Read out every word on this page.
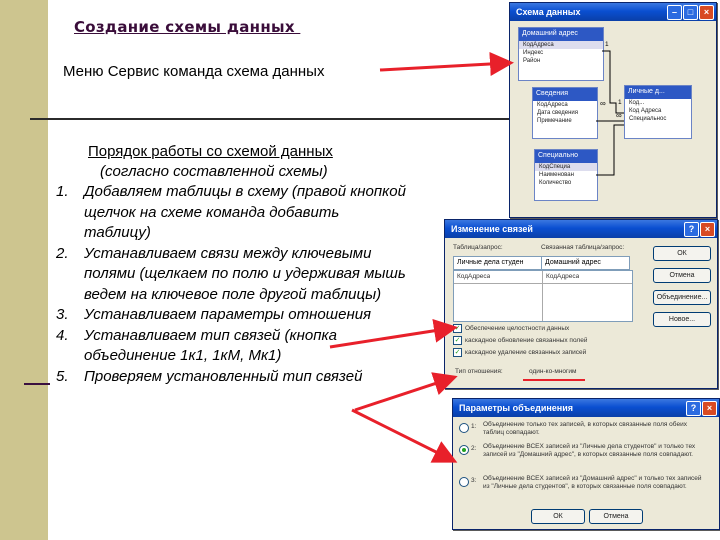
Создание схемы данных
Меню Сервис команда схема данных
Порядок работы со схемой данных
(согласно составленной схемы)
1.	Добавляем таблицы в схему (правой кнопкой щелчок на схеме команда добавить таблицу)
2.	Устанавливаем связи между ключевыми полями (щелкаем по полю и удерживая мышь ведем на ключевое поле другой таблицы)
3.	Устанавливаем параметры отношения
4.	Устанавливаем тип связей (кнопка объединение 1к1, 1кМ, Мк1)
5.	Проверяем установленный тип связей
Схема данных	–	□	×
Домашний адрес
КодАдреса
Индекс
Район
Сведения
КодАдреса
Дата сведения
Примечание
Личные д...
Код...
Код Адреса
Специальнос
Специально
КодСпециа
Наименован
Количество
1
∞ 1
∞
Изменение связей	?	×
Таблица/запрос:	Связанная таблица/запрос:
Личные дела студен	Домашний адрес
КодАдреса	КодАдреса
ОК
Отмена
Объединение...
Новое...
✓ Обеспечение целостности данных
✓ каскадное обновление связанных полей
✓ каскадное удаление связанных записей
Тип отношения:	один-ко-многим
Параметры объединения	?	×
1: Объединение только тех записей, в которых связанные поля обеих таблиц совпадают.
2: Объединение ВСЕХ записей из "Личные дела студентов" и только тех записей из "Домашний адрес", в которых связанные поля совпадают.
3: Объединение ВСЕХ записей из "Домашний адрес" и только тех записей из "Личные дела студентов", в которых связанные поля совпадают.
ОК	Отмена
